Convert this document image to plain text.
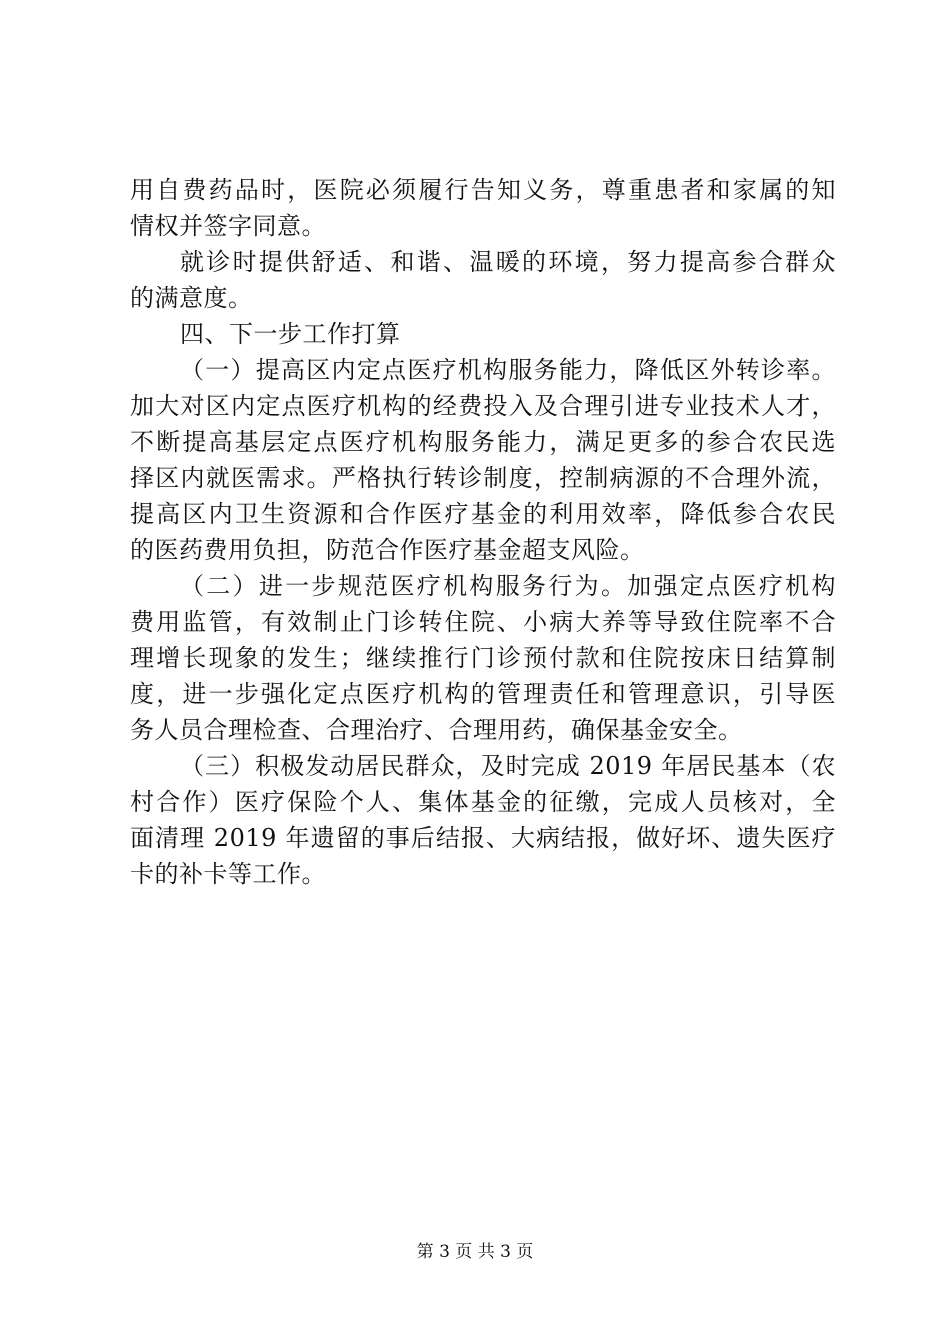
用自费药品时，医院必须履行告知义务，尊重患者和家属的知
情权并签字同意。
就诊时提供舒适、和谐、温暖的环境，努力提高参合群众
的满意度。
四、下一步工作打算
（一）提高区内定点医疗机构服务能力，降低区外转诊率。
加大对区内定点医疗机构的经费投入及合理引进专业技术人才，
不断提高基层定点医疗机构服务能力，满足更多的参合农民选
择区内就医需求。严格执行转诊制度，控制病源的不合理外流，
提高区内卫生资源和合作医疗基金的利用效率，降低参合农民
的医药费用负担，防范合作医疗基金超支风险。
（二）进一步规范医疗机构服务行为。加强定点医疗机构
费用监管，有效制止门诊转住院、小病大养等导致住院率不合
理增长现象的发生；继续推行门诊预付款和住院按床日结算制
度，进一步强化定点医疗机构的管理责任和管理意识，引导医
务人员合理检查、合理治疗、合理用药，确保基金安全。
（三）积极发动居民群众，及时完成 2019 年居民基本（农
村合作）医疗保险个人、集体基金的征缴，完成人员核对，全
面清理 2019 年遗留的事后结报、大病结报，做好坏、遗失医疗
卡的补卡等工作。
第 3 页 共 3 页
